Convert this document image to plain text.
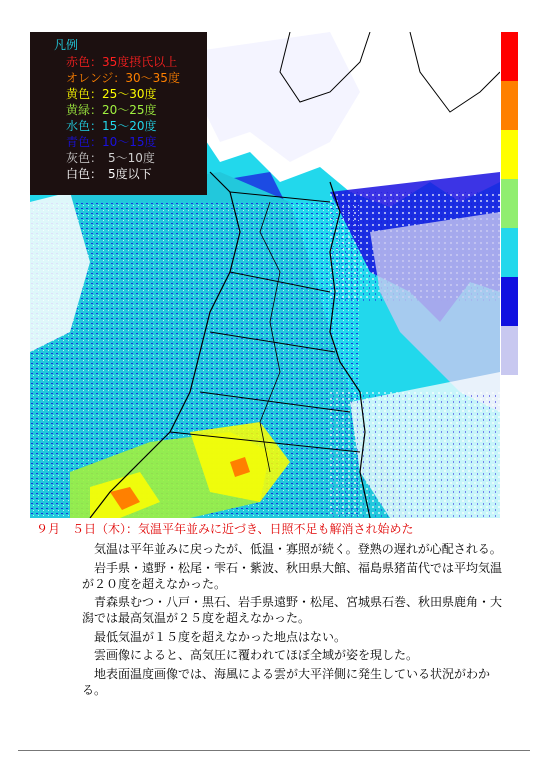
凡例
赤色：35度摂氏以上
オレンジ：30～35度
黄色：25～30度
黄緑：20～25度
水色：15～20度
青色：10～15度
灰色：　5～10度
白色：　5度以下
９月　５日（木）：気温平年並みに近づき、日照不足も解消され始めた

気温は平年並みに戻ったが、低温・寡照が続く。登熟の遅れが心配される。

岩手県・遠野・松尾・雫石・紫波、秋田県大館、福島県猪苗代では平均気温が２０度を超えなかった。

青森県むつ・八戸・黒石、岩手県遠野・松尾、宮城県石巻、秋田県鹿角・大潟では最高気温が２５度を超えなかった。

最低気温が１５度を超えなかった地点はない。

雲画像によると、高気圧に覆われてほぼ全域が姿を現した。

地表面温度画像では、海風による雲が大平洋側に発生している状況がわかる。
